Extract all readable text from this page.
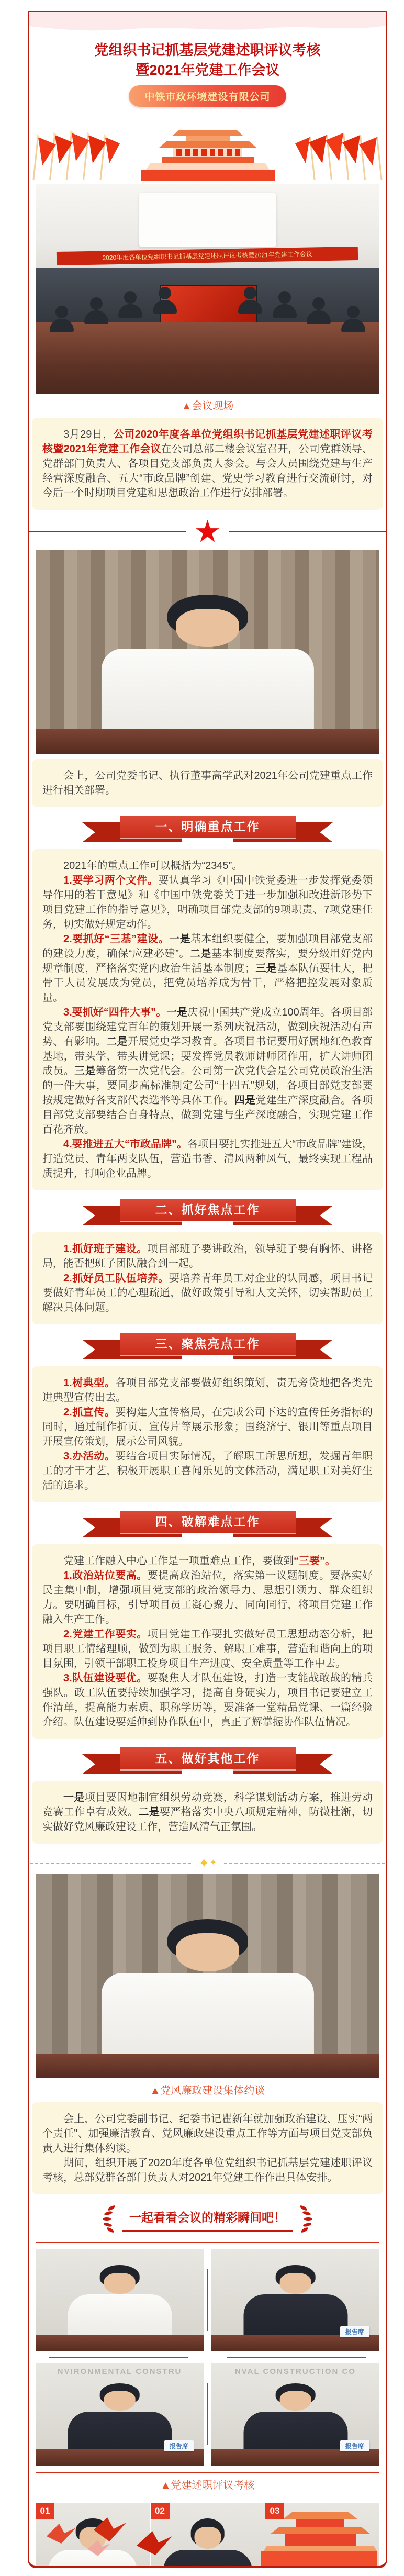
党组织书记抓基层党建述职评议考核
暨2021年党建工作会议
中铁市政环境建设有限公司
2020年度各单位党组织书记抓基层党建述职评议考核暨2021年党建工作会议
▲会议现场

3月29日，公司2020年度各单位党组织书记抓基层党建述职评议考核暨2021年党建工作会议在公司总部二楼会议室召开，公司党群领导、党群部门负责人、各项目党支部负责人参会。与会人员围绕党建与生产经营深度融合、五大“市政品牌”创建、党史学习教育进行交流研讨，对今后一个时期项目党建和思想政治工作进行安排部署。

★

会上，公司党委书记、执行董事高学武对2021年公司党建重点工作进行相关部署。

一、明确重点工作

2021年的重点工作可以概括为“2345”。

1.要学习两个文件。要认真学习《中国中铁党委进一步发挥党委领导作用的若干意见》和《中国中铁党委关于进一步加强和改进新形势下项目党建工作的指导意见》，明确项目部党支部的9项职责、7项党建任务，切实做好规定动作。

2.要抓好“三基”建设。一是基本组织要健全，要加强项目部党支部的建设力度，确保“应建必建”。二是基本制度要落实，要分级用好党内规章制度，严格落实党内政治生活基本制度；三是基本队伍要壮大，把骨干人员发展成为党员，把党员培养成为骨干，严格把控发展对象质量。

3.要抓好“四件大事”。一是庆祝中国共产党成立100周年。各项目部党支部要围绕建党百年的策划开展一系列庆祝活动，做到庆祝活动有声势、有影响。二是开展党史学习教育。各项目书记要用好属地红色教育基地，带头学、带头讲党课；要发挥党员教师讲师团作用，扩大讲师团成员。三是筹备第一次党代会。公司第一次党代会是公司党员政治生活的一件大事，要同步高标准制定公司“十四五”规划，各项目部党支部要按规定做好各支部代表选举等具体工作。四是党建生产深度融合。各项目部党支部要结合自身特点，做到党建与生产深度融合，实现党建工作百花齐放。

4.要推进五大“市政品牌”。各项目要扎实推进五大“市政品牌”建设，打造党员、青年两支队伍，营造书香、清风两种风气，最终实现工程品质提升，打响企业品牌。

二、抓好焦点工作

1.抓好班子建设。项目部班子要讲政治，领导班子要有胸怀、讲格局，能否把班子团队融合到一起。

2.抓好员工队伍培养。要培养青年员工对企业的认同感，项目书记要做好青年员工的心理疏通，做好政策引导和人文关怀，切实帮助员工解决具体问题。

三、聚焦亮点工作

1.树典型。各项目部党支部要做好组织策划，责无旁贷地把各类先进典型宣传出去。

2.抓宣传。要构建大宣传格局，在完成公司下达的宣传任务指标的同时，通过制作折页、宣传片等展示形象；围绕济宁、银川等重点项目开展宣传策划，展示公司风貌。

3.办活动。要结合项目实际情况，了解职工所思所想，发掘青年职工的才干才艺，积极开展职工喜闻乐见的文体活动，满足职工对美好生活的追求。

四、破解难点工作

党建工作融入中心工作是一项重难点工作，要做到“三要”。

1.政治站位要高。要提高政治站位，落实第一议题制度。要落实好民主集中制，增强项目党支部的政治领导力、思想引领力、群众组织力。要明确目标，引导项目员工凝心聚力、同向同行，将项目党建工作融入生产工作。

2.党建工作要实。项目党建工作要扎实做好员工思想动态分析，把项目职工情绪理顺，做到为职工服务、解职工难事，营造和谐向上的项目氛围，引领干部职工投身项目生产进度、安全质量等工作中去。

3.队伍建设要优。要聚焦人才队伍建设，打造一支能战敢战的精兵强队。政工队伍要持续加强学习，提高自身硬实力，项目书记要建立工作清单，提高能力素质、职称学历等，要准备一堂精品党课、一篇经验介绍。队伍建设要延伸到协作队伍中，真正了解掌握协作队伍情况。

五、做好其他工作

一是项目要因地制宜组织劳动竞赛，科学谋划活动方案，推进劳动竞赛工作卓有成效。二是要严格落实中央八项规定精神，防微杜渐，切实做好党风廉政建设工作，营造风清气正氛围。

✦✦
▲党风廉政建设集体约谈

会上，公司党委副书记、纪委书记瞿新年就加强政治建设、压实“两个责任”、加强廉洁教育、党风廉政建设重点工作等方面与项目党支部负责人进行集体约谈。

期间，组织开展了2020年度各单位党组织书记抓基层党建述职评议考核，总部党群各部门负责人对2021年党建工作作出具体安排。

一起看看会议的精彩瞬间吧！
报告席
NVIRONMENTAL CONSTRU
报告席
NVAL CONSTRUCTION CO
报告席
▲党建述职评议考核
01	02	03
